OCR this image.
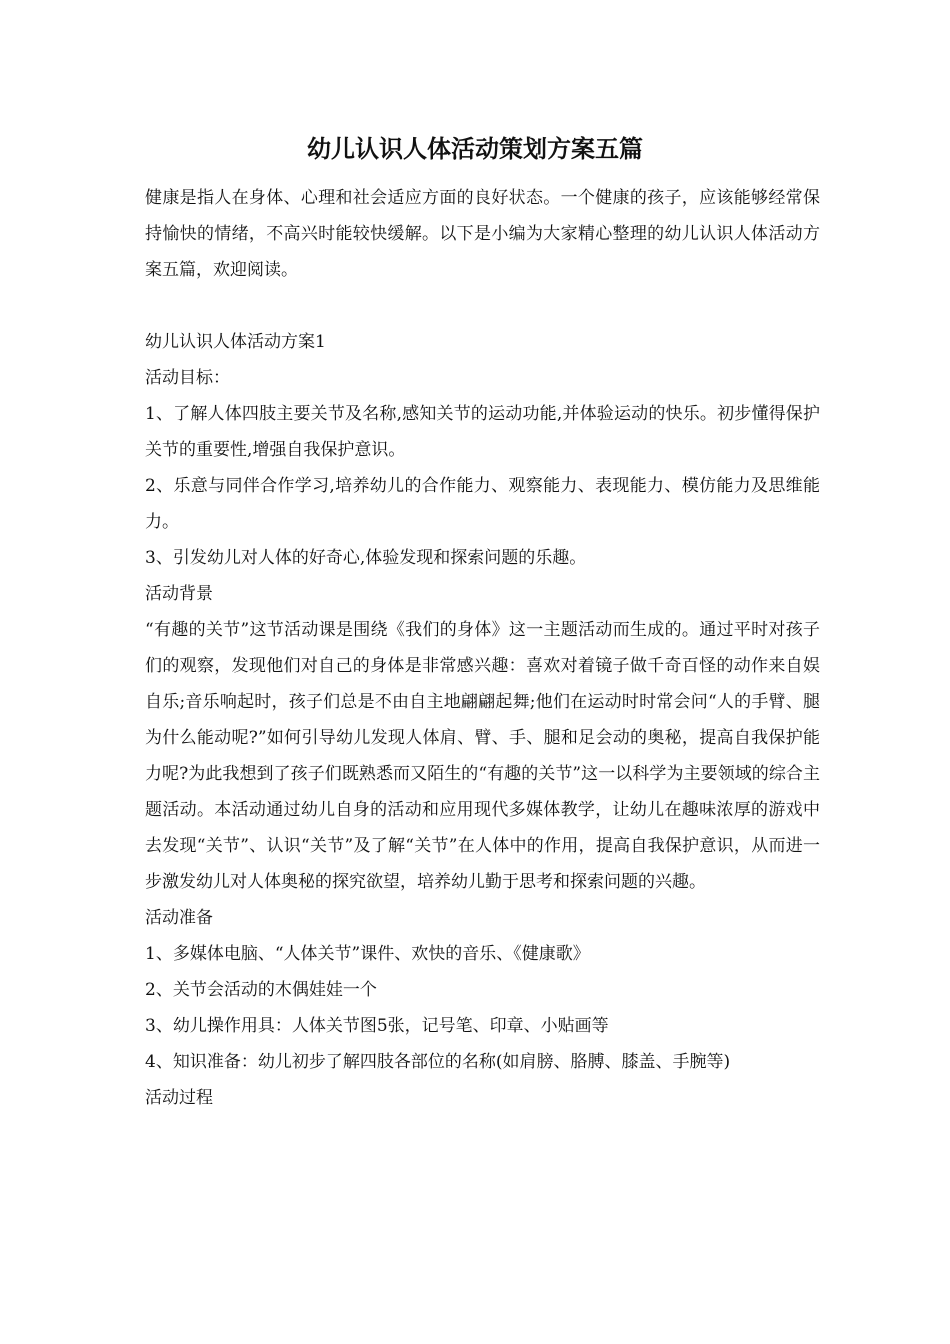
幼儿认识人体活动策划方案五篇

健康是指人在身体、心理和社会适应方面的良好状态。一个健康的孩子，应该能够经常保持愉快的情绪，不高兴时能较快缓解。以下是小编为大家精心整理的幼儿认识人体活动方案五篇，欢迎阅读。

幼儿认识人体活动方案1

活动目标：

1、了解人体四肢主要关节及名称,感知关节的运动功能,并体验运动的快乐。初步懂得保护关节的重要性,增强自我保护意识。

2、乐意与同伴合作学习,培养幼儿的合作能力、观察能力、表现能力、模仿能力及思维能力。

3、引发幼儿对人体的好奇心,体验发现和探索问题的乐趣。

活动背景

“有趣的关节”这节活动课是围绕《我们的身体》这一主题活动而生成的。通过平时对孩子们的观察，发现他们对自己的身体是非常感兴趣：喜欢对着镜子做千奇百怪的动作来自娱自乐;音乐响起时，孩子们总是不由自主地翩翩起舞;他们在运动时时常会问“人的手臂、腿为什么能动呢?”如何引导幼儿发现人体肩、臂、手、腿和足会动的奥秘，提高自我保护能力呢?为此我想到了孩子们既熟悉而又陌生的“有趣的关节”这一以科学为主要领域的综合主题活动。本活动通过幼儿自身的活动和应用现代多媒体教学，让幼儿在趣味浓厚的游戏中去发现“关节”、认识“关节”及了解“关节”在人体中的作用，提高自我保护意识，从而进一步激发幼儿对人体奥秘的探究欲望，培养幼儿勤于思考和探索问题的兴趣。

活动准备

1、多媒体电脑、“人体关节”课件、欢快的音乐、《健康歌》

2、关节会活动的木偶娃娃一个

3、幼儿操作用具：人体关节图5张，记号笔、印章、小贴画等

4、知识准备：幼儿初步了解四肢各部位的名称(如肩膀、胳膊、膝盖、手腕等)

活动过程
